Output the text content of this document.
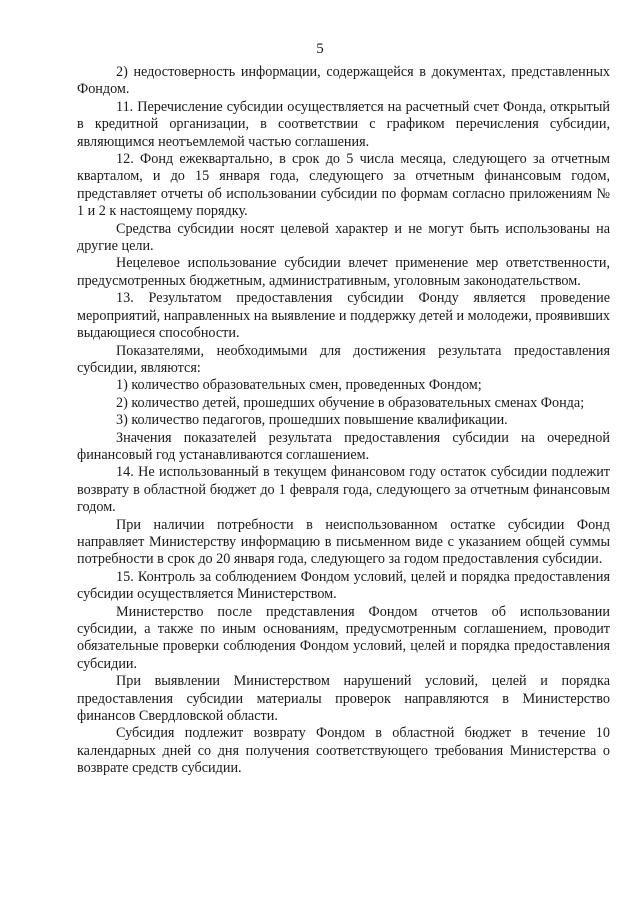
5

2) недостоверность информации, содержащейся в документах, представленных Фондом.

11. Перечисление субсидии осуществляется на расчетный счет Фонда, открытый в кредитной организации, в соответствии с графиком перечисления субсидии, являющимся неотъемлемой частью соглашения.

12. Фонд ежеквартально, в срок до 5 числа месяца, следующего за отчетным кварталом, и до 15 января года, следующего за отчетным финансовым годом, представляет отчеты об использовании субсидии по формам согласно приложениям № 1 и 2 к настоящему порядку.

Средства субсидии носят целевой характер и не могут быть использованы на другие цели.

Нецелевое использование субсидии влечет применение мер ответственности, предусмотренных бюджетным, административным, уголовным законодательством.

13. Результатом предоставления субсидии Фонду является проведение мероприятий, направленных на выявление и поддержку детей и молодежи, проявивших выдающиеся способности.

Показателями, необходимыми для достижения результата предоставления субсидии, являются:

1) количество образовательных смен, проведенных Фондом;

2) количество детей, прошедших обучение в образовательных сменах Фонда;

3) количество педагогов, прошедших повышение квалификации.

Значения показателей результата предоставления субсидии на очередной финансовый год устанавливаются соглашением.

14. Не использованный в текущем финансовом году остаток субсидии подлежит возврату в областной бюджет до 1 февраля года, следующего за отчетным финансовым годом.

При наличии потребности в неиспользованном остатке субсидии Фонд направляет Министерству информацию в письменном виде с указанием общей суммы потребности в срок до 20 января года, следующего за годом предоставления субсидии.

15. Контроль за соблюдением Фондом условий, целей и порядка предоставления субсидии осуществляется Министерством.

Министерство после представления Фондом отчетов об использовании субсидии, а также по иным основаниям, предусмотренным соглашением, проводит обязательные проверки соблюдения Фондом условий, целей и порядка предоставления субсидии.

При выявлении Министерством нарушений условий, целей и порядка предоставления субсидии материалы проверок направляются в Министерство финансов Свердловской области.

Субсидия подлежит возврату Фондом в областной бюджет в течение 10 календарных дней со дня получения соответствующего требования Министерства о возврате средств субсидии.
